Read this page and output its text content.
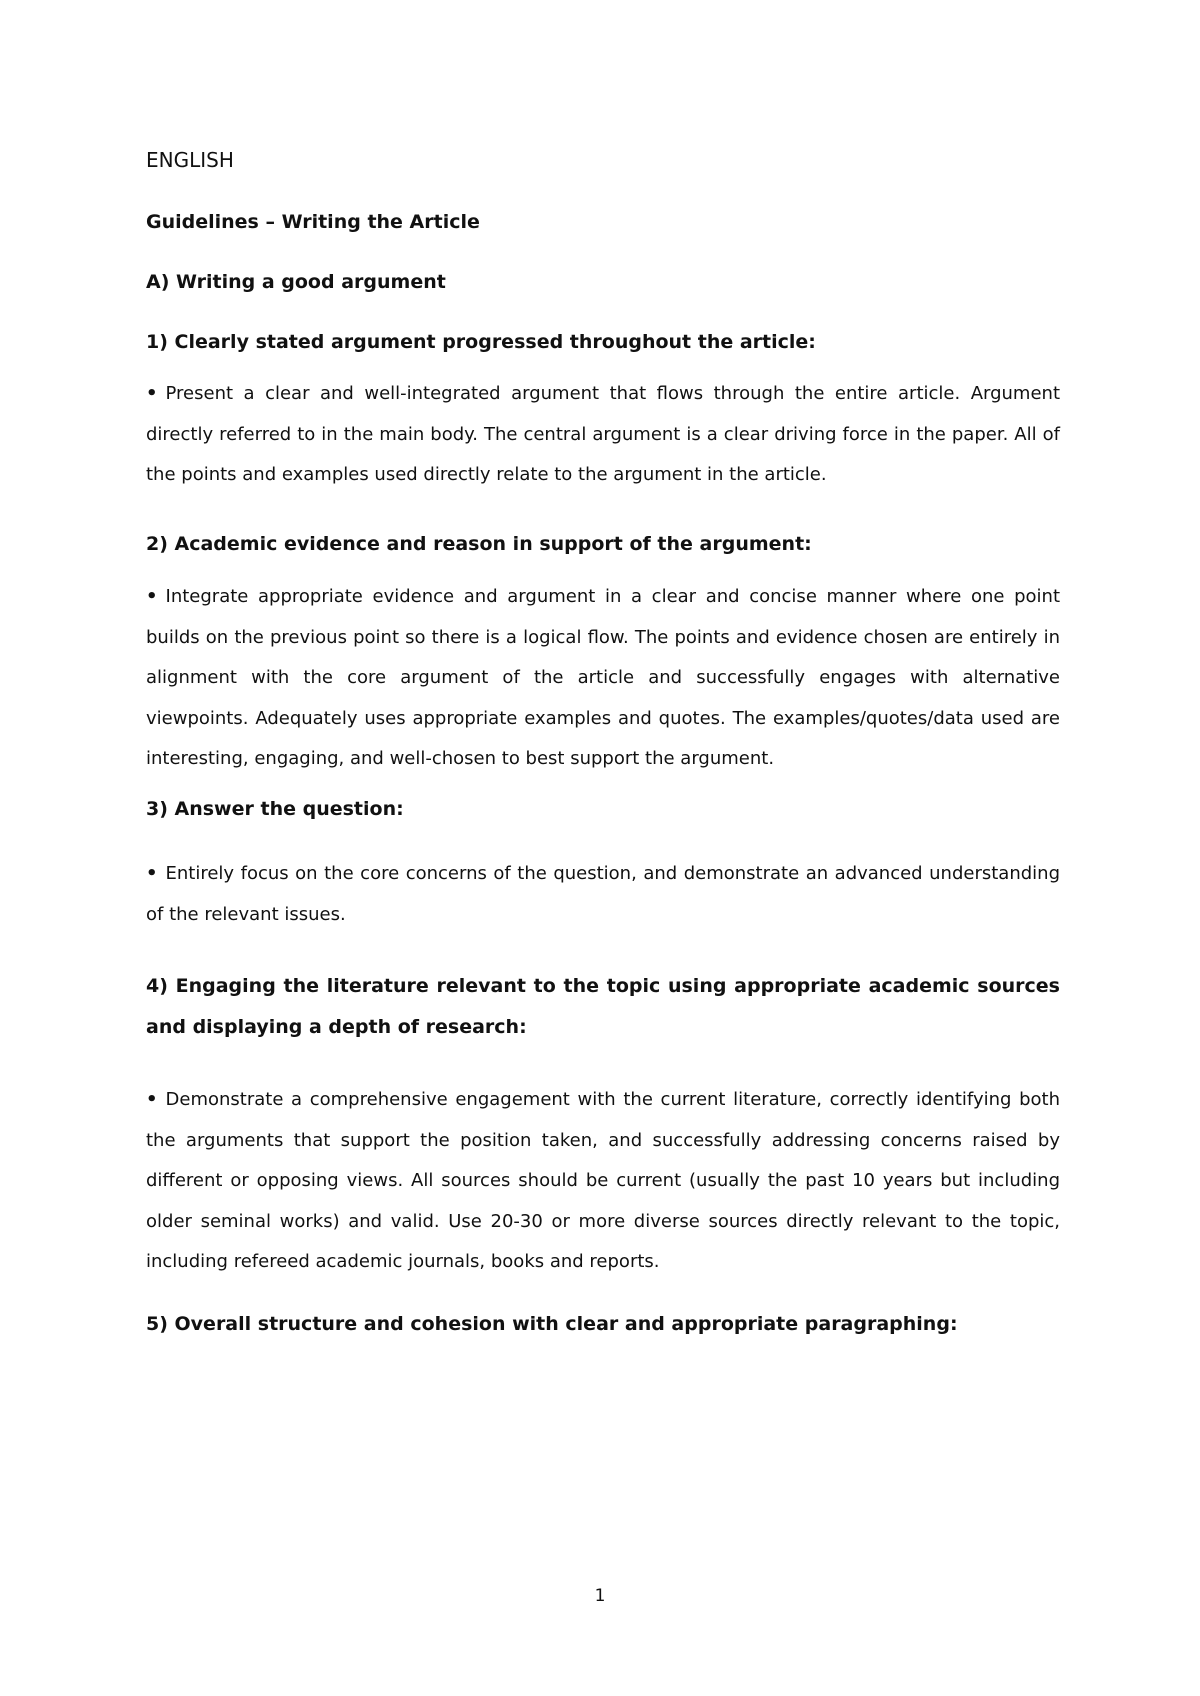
ENGLISH
Guidelines – Writing the Article
A) Writing a good argument
1) Clearly stated argument progressed throughout the article:
• Present a clear and well-integrated argument that flows through the entire article. Argument directly referred to in the main body. The central argument is a clear driving force in the paper. All of the points and examples used directly relate to the argument in the article.
2) Academic evidence and reason in support of the argument:
• Integrate appropriate evidence and argument in a clear and concise manner where one point builds on the previous point so there is a logical flow. The points and evidence chosen are entirely in alignment with the core argument of the article and successfully engages with alternative viewpoints. Adequately uses appropriate examples and quotes. The examples/quotes/data used are interesting, engaging, and well-chosen to best support the argument.
3) Answer the question:
• Entirely focus on the core concerns of the question, and demonstrate an advanced understanding of the relevant issues.
4) Engaging the literature relevant to the topic using appropriate academic sources and displaying a depth of research:
• Demonstrate a comprehensive engagement with the current literature, correctly identifying both the arguments that support the position taken, and successfully addressing concerns raised by different or opposing views. All sources should be current (usually the past 10 years but including older seminal works) and valid. Use 20-30 or more diverse sources directly relevant to the topic, including refereed academic journals, books and reports.
5) Overall structure and cohesion with clear and appropriate paragraphing:
1
